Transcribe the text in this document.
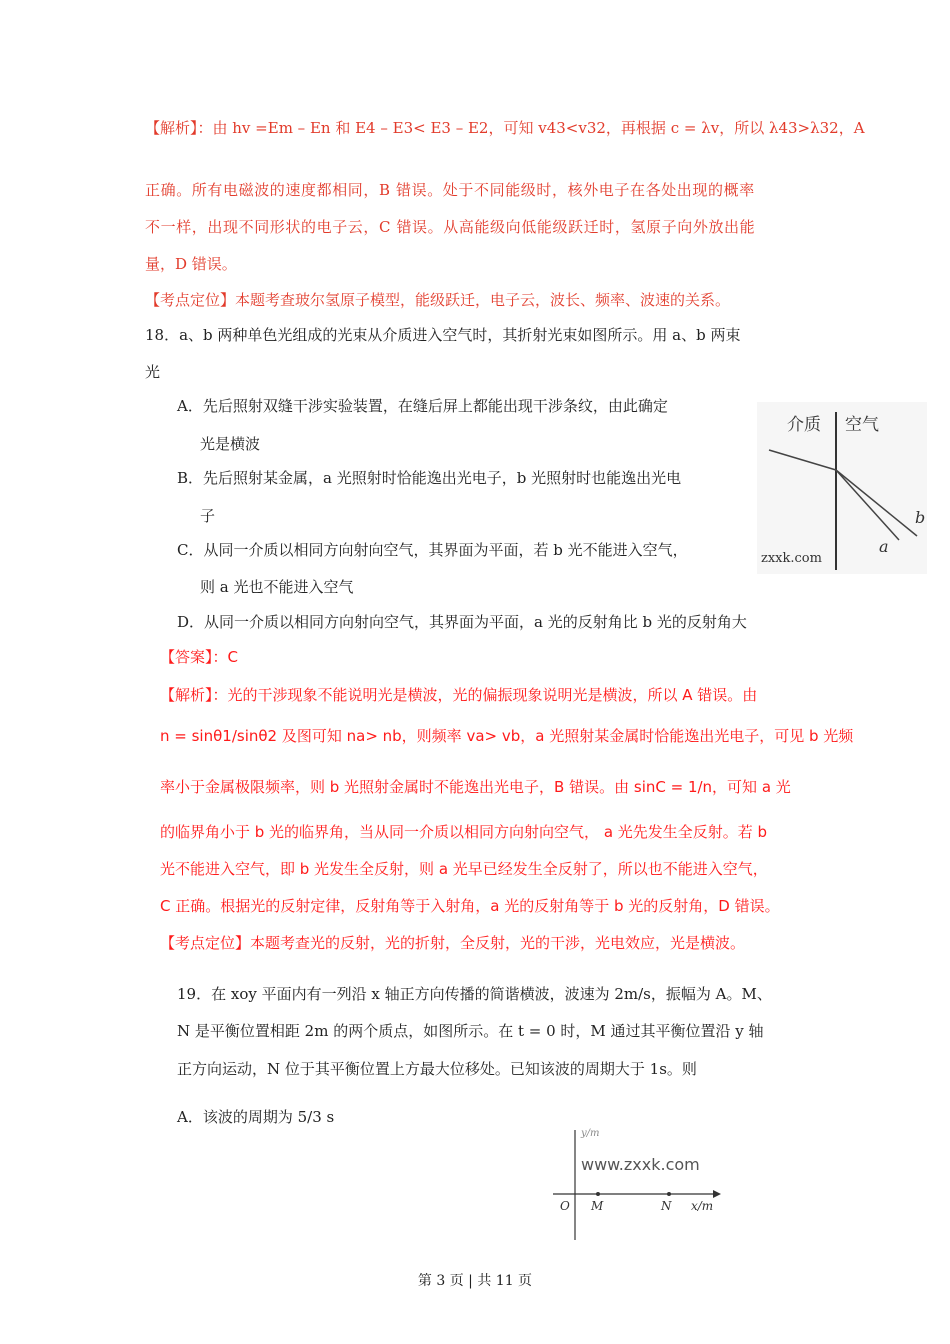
【解析】：由 hv =Em – En 和 E4 – E3< E3 – E2，可知 v43<v32，再根据 c = λv，所以 λ43>λ32，A
正确。所有电磁波的速度都相同，B 错误。处于不同能级时，核外电子在各处出现的概率
不一样，出现不同形状的电子云，C 错误。从高能级向低能级跃迁时，氢原子向外放出能
量，D 错误。
【考点定位】本题考查玻尔氢原子模型，能级跃迁，电子云，波长、频率、波速的关系。
18．a、b 两种单色光组成的光束从介质进入空气时，其折射光束如图所示。用 a、b 两束
光
A．先后照射双缝干涉实验装置，在缝后屏上都能出现干涉条纹，由此确定
光是横波
B．先后照射某金属，a 光照射时恰能逸出光电子，b 光照射时也能逸出光电
子
C．从同一介质以相同方向射向空气，其界面为平面，若 b 光不能进入空气，
则 a 光也不能进入空气
D．从同一介质以相同方向射向空气，其界面为平面，a 光的反射角比 b 光的反射角大
介质 空气
zxxk.com
a
b
【答案】：C
【解析】：光的干涉现象不能说明光是横波，光的偏振现象说明光是横波，所以 A 错误。由
n = sinθ1/sinθ2 及图可知 na> nb，则频率 va> vb，a 光照射某金属时恰能逸出光电子，可见 b 光频
率小于金属极限频率，则 b 光照射金属时不能逸出光电子，B 错误。由 sinC = 1/n，可知 a 光
的临界角小于 b 光的临界角，当从同一介质以相同方向射向空气， a 光先发生全反射。若 b
光不能进入空气，即 b 光发生全反射，则 a 光早已经发生全反射了，所以也不能进入空气，
C 正确。根据光的反射定律，反射角等于入射角，a 光的反射角等于 b 光的反射角，D 错误。
【考点定位】本题考查光的反射，光的折射，全反射，光的干涉，光电效应，光是横波。
19．在 xoy 平面内有一列沿 x 轴正方向传播的简谐横波，波速为 2m/s，振幅为 A。M、
N 是平衡位置相距 2m 的两个质点，如图所示。在 t = 0 时，M 通过其平衡位置沿 y 轴
正方向运动，N 位于其平衡位置上方最大位移处。已知该波的周期大于 1s。则
A．该波的周期为 5/3 s
y/m
www.zxxk.com
O M	N x/m
第 3 页 | 共 11 页
